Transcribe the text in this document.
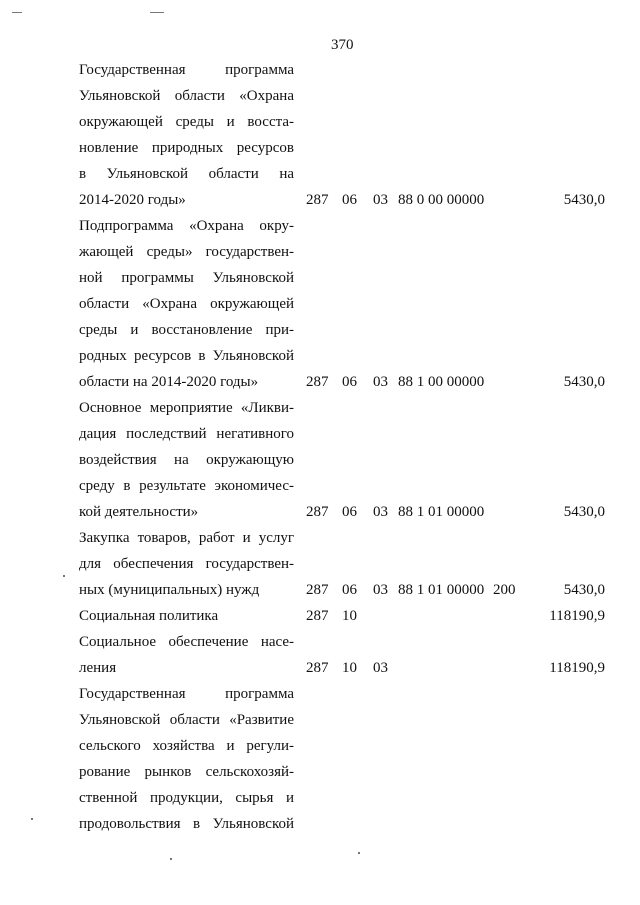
370
Государственная программа
Ульяновской области «Охрана
окружающей среды и восста-
новление природных ресурсов
в Ульяновской области на
2014-2020 годы»	287 06 03 88 0 00 00000	5430,0
Подпрограмма «Охрана окру-
жающей среды» государствен-
ной программы Ульяновской
области «Охрана окружающей
среды и восстановление при-
родных ресурсов в Ульяновской
области на 2014-2020 годы»	287 06 03 88 1 00 00000	5430,0
Основное мероприятие «Ликви-
дация последствий негативного
воздействия на окружающую
среду в результате экономичес-
кой деятельности»	287 06 03 88 1 01 00000	5430,0
Закупка товаров, работ и услуг
для обеспечения государствен-
ных (муниципальных) нужд	287 06 03 88 1 01 00000 200	5430,0
Социальная политика	287 10	118190,9
Социальное обеспечение насе-
ления	287 10 03	118190,9
Государственная программа
Ульяновской области «Развитие
сельского хозяйства и регули-
рование рынков сельскохозяй-
ственной продукции, сырья и
продовольствия в Ульяновской
